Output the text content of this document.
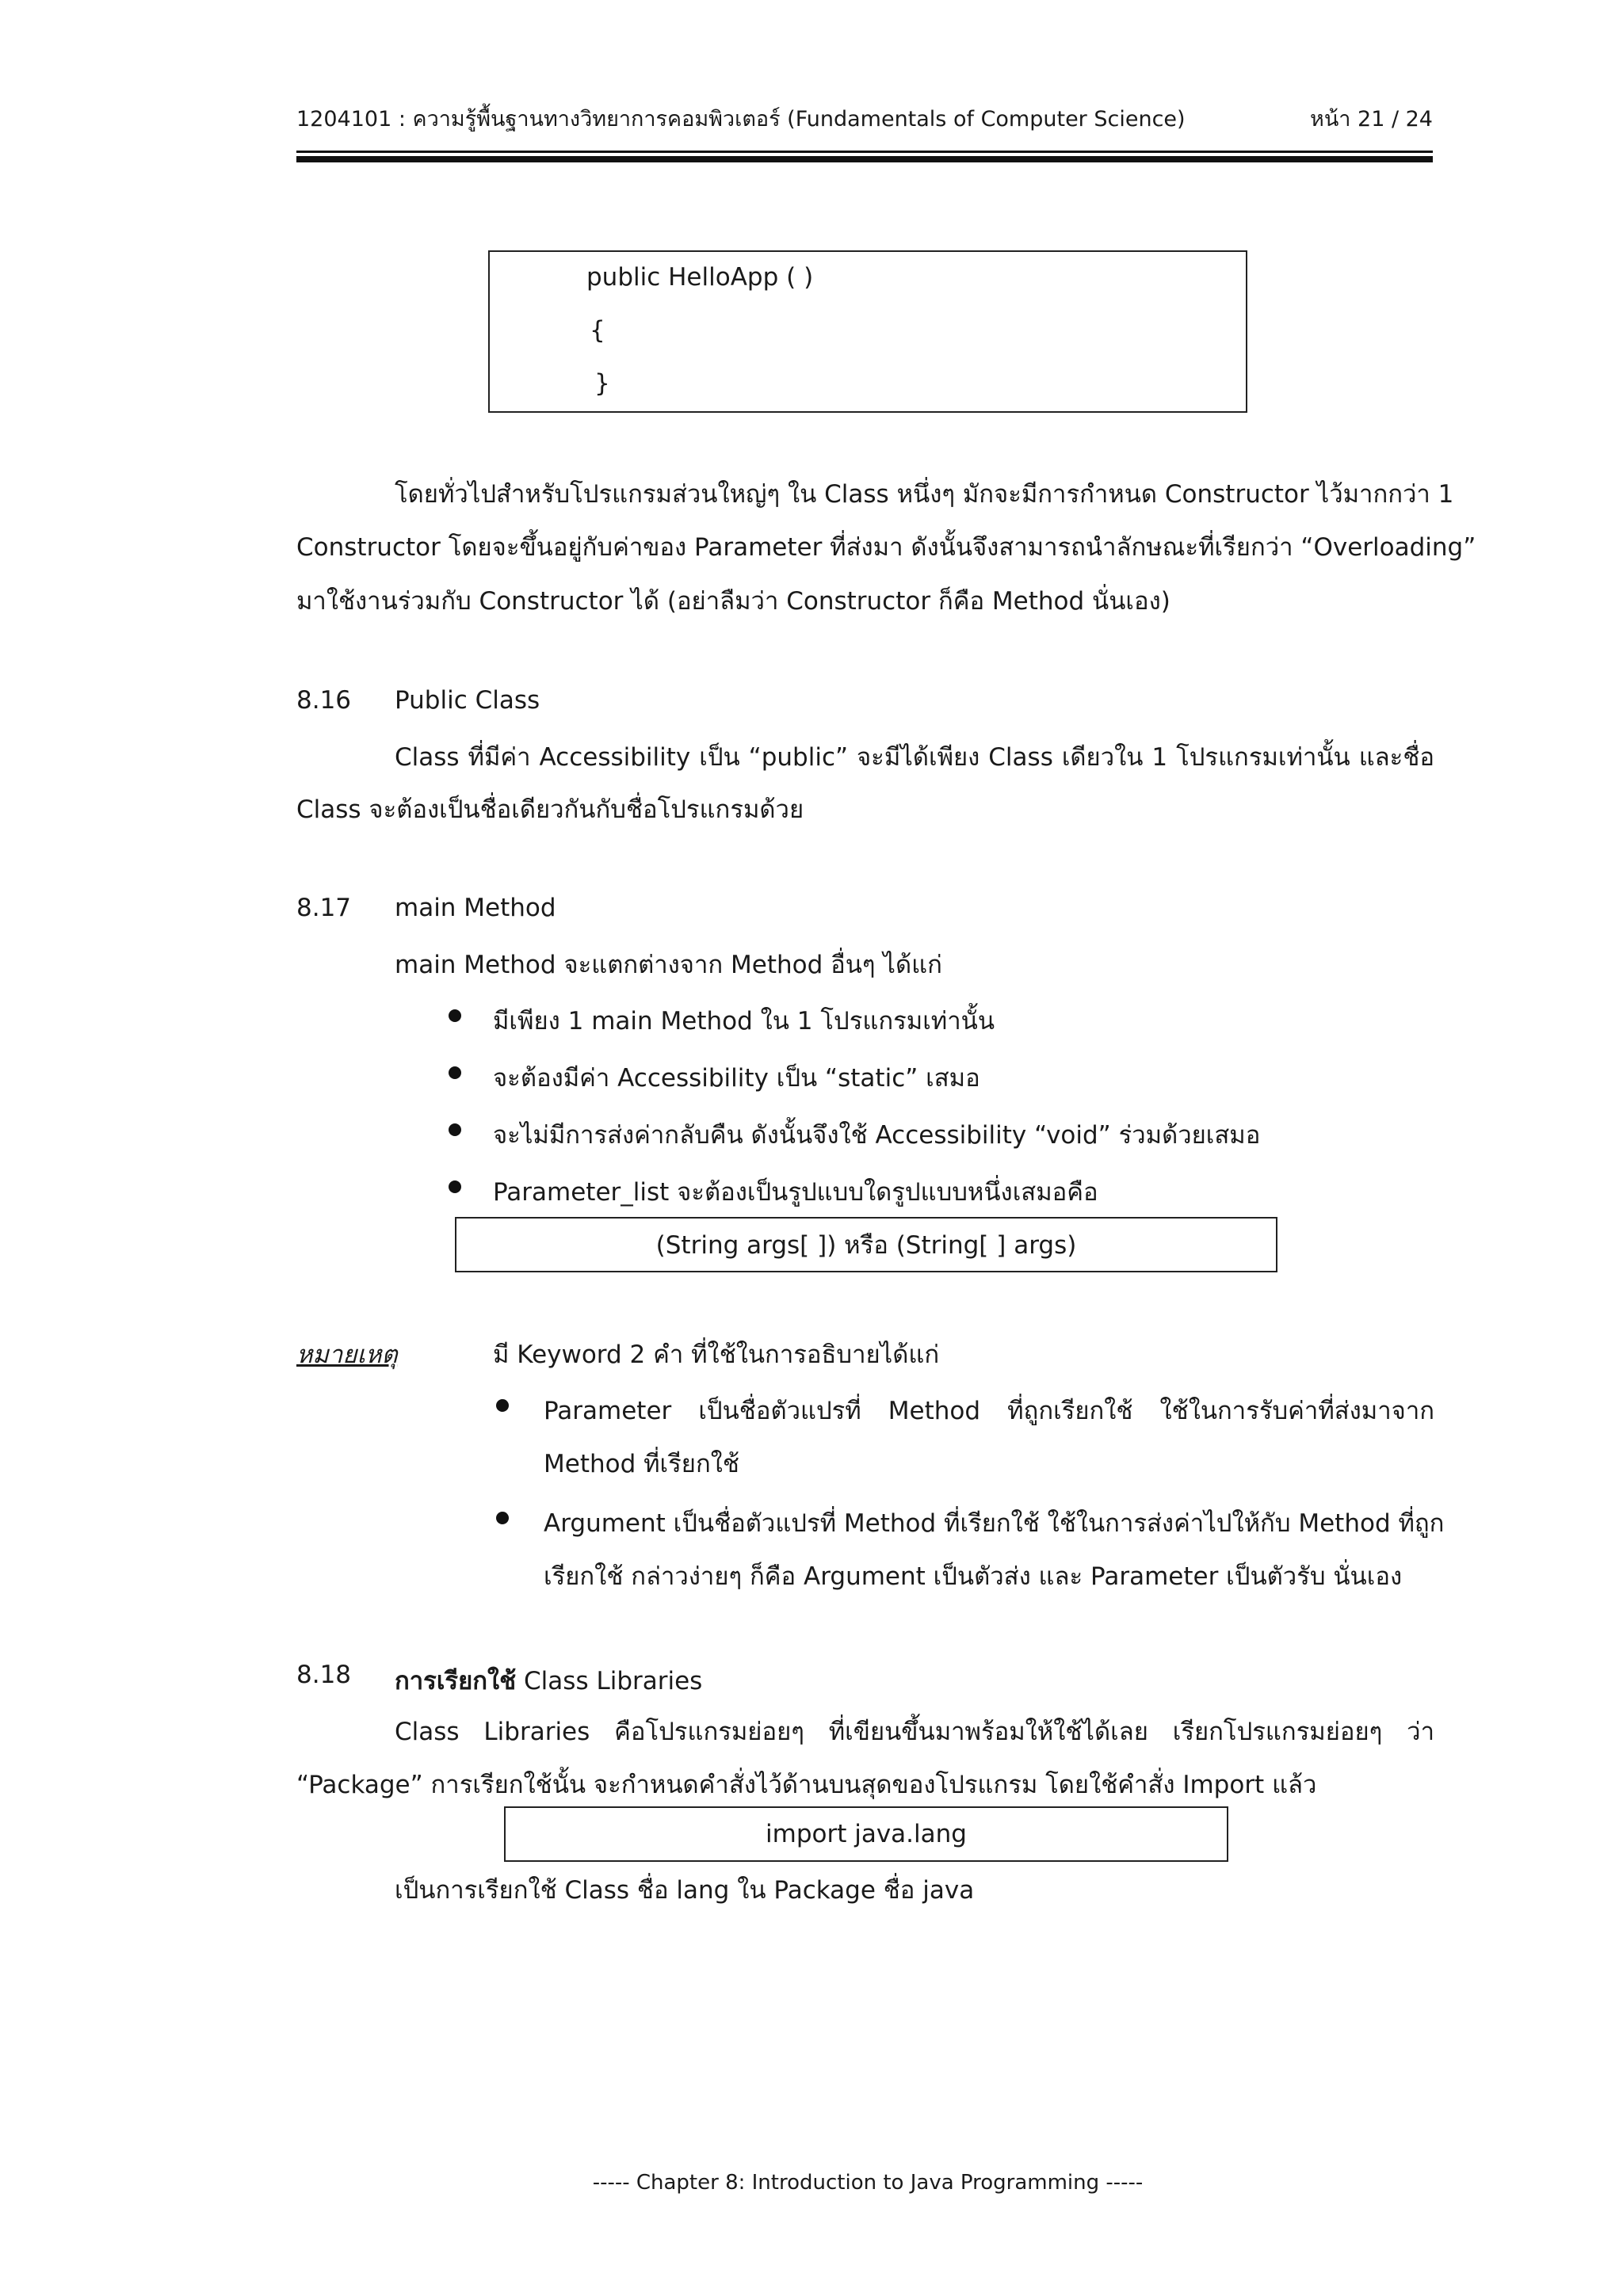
1204101 : ความรู้พื้นฐานทางวิทยาการคอมพิวเตอร์ (Fundamentals of Computer Science)	หน้า 21 / 24
public HelloApp ( )
{
}
โดยทั่วไปสำหรับโปรแกรมส่วนใหญ่ๆ ใน Class หนึ่งๆ มักจะมีการกำหนด Constructor ไว้มากกว่า 1
Constructor โดยจะขึ้นอยู่กับค่าของ Parameter ที่ส่งมา ดังนั้นจึงสามารถนำลักษณะที่เรียกว่า “Overloading”
มาใช้งานร่วมกับ Constructor ได้ (อย่าลืมว่า Constructor ก็คือ Method นั่นเอง)
8.16 Public Class
Class ที่มีค่า Accessibility เป็น “public” จะมีได้เพียง Class เดียวใน 1 โปรแกรมเท่านั้น และชื่อ
Class จะต้องเป็นชื่อเดียวกันกับชื่อโปรแกรมด้วย
8.17 main Method
main Method จะแตกต่างจาก Method อื่นๆ ได้แก่
มีเพียง 1 main Method ใน 1 โปรแกรมเท่านั้น
จะต้องมีค่า Accessibility เป็น “static” เสมอ
จะไม่มีการส่งค่ากลับคืน ดังนั้นจึงใช้ Accessibility “void” ร่วมด้วยเสมอ
Parameter_list จะต้องเป็นรูปแบบใดรูปแบบหนึ่งเสมอคือ
(String args[ ]) หรือ (String[ ] args)
หมายเหตุ	มี Keyword 2 คำ ที่ใช้ในการอธิบายได้แก่
Parameter เป็นชื่อตัวแปรที่ Method ที่ถูกเรียกใช้ ใช้ในการรับค่าที่ส่งมาจาก
Method ที่เรียกใช้
Argument เป็นชื่อตัวแปรที่ Method ที่เรียกใช้ ใช้ในการส่งค่าไปให้กับ Method ที่ถูก
เรียกใช้ กล่าวง่ายๆ ก็คือ Argument เป็นตัวส่ง และ Parameter เป็นตัวรับ นั่นเอง
8.18 การเรียกใช้ Class Libraries
Class Libraries คือโปรแกรมย่อยๆ ที่เขียนขึ้นมาพร้อมให้ใช้ได้เลย เรียกโปรแกรมย่อยๆ ว่า
“Package” การเรียกใช้นั้น จะกำหนดคำสั่งไว้ด้านบนสุดของโปรแกรม โดยใช้คำสั่ง Import แล้ว
import java.lang
เป็นการเรียกใช้ Class ชื่อ lang ใน Package ชื่อ java
----- Chapter 8: Introduction to Java Programming -----
